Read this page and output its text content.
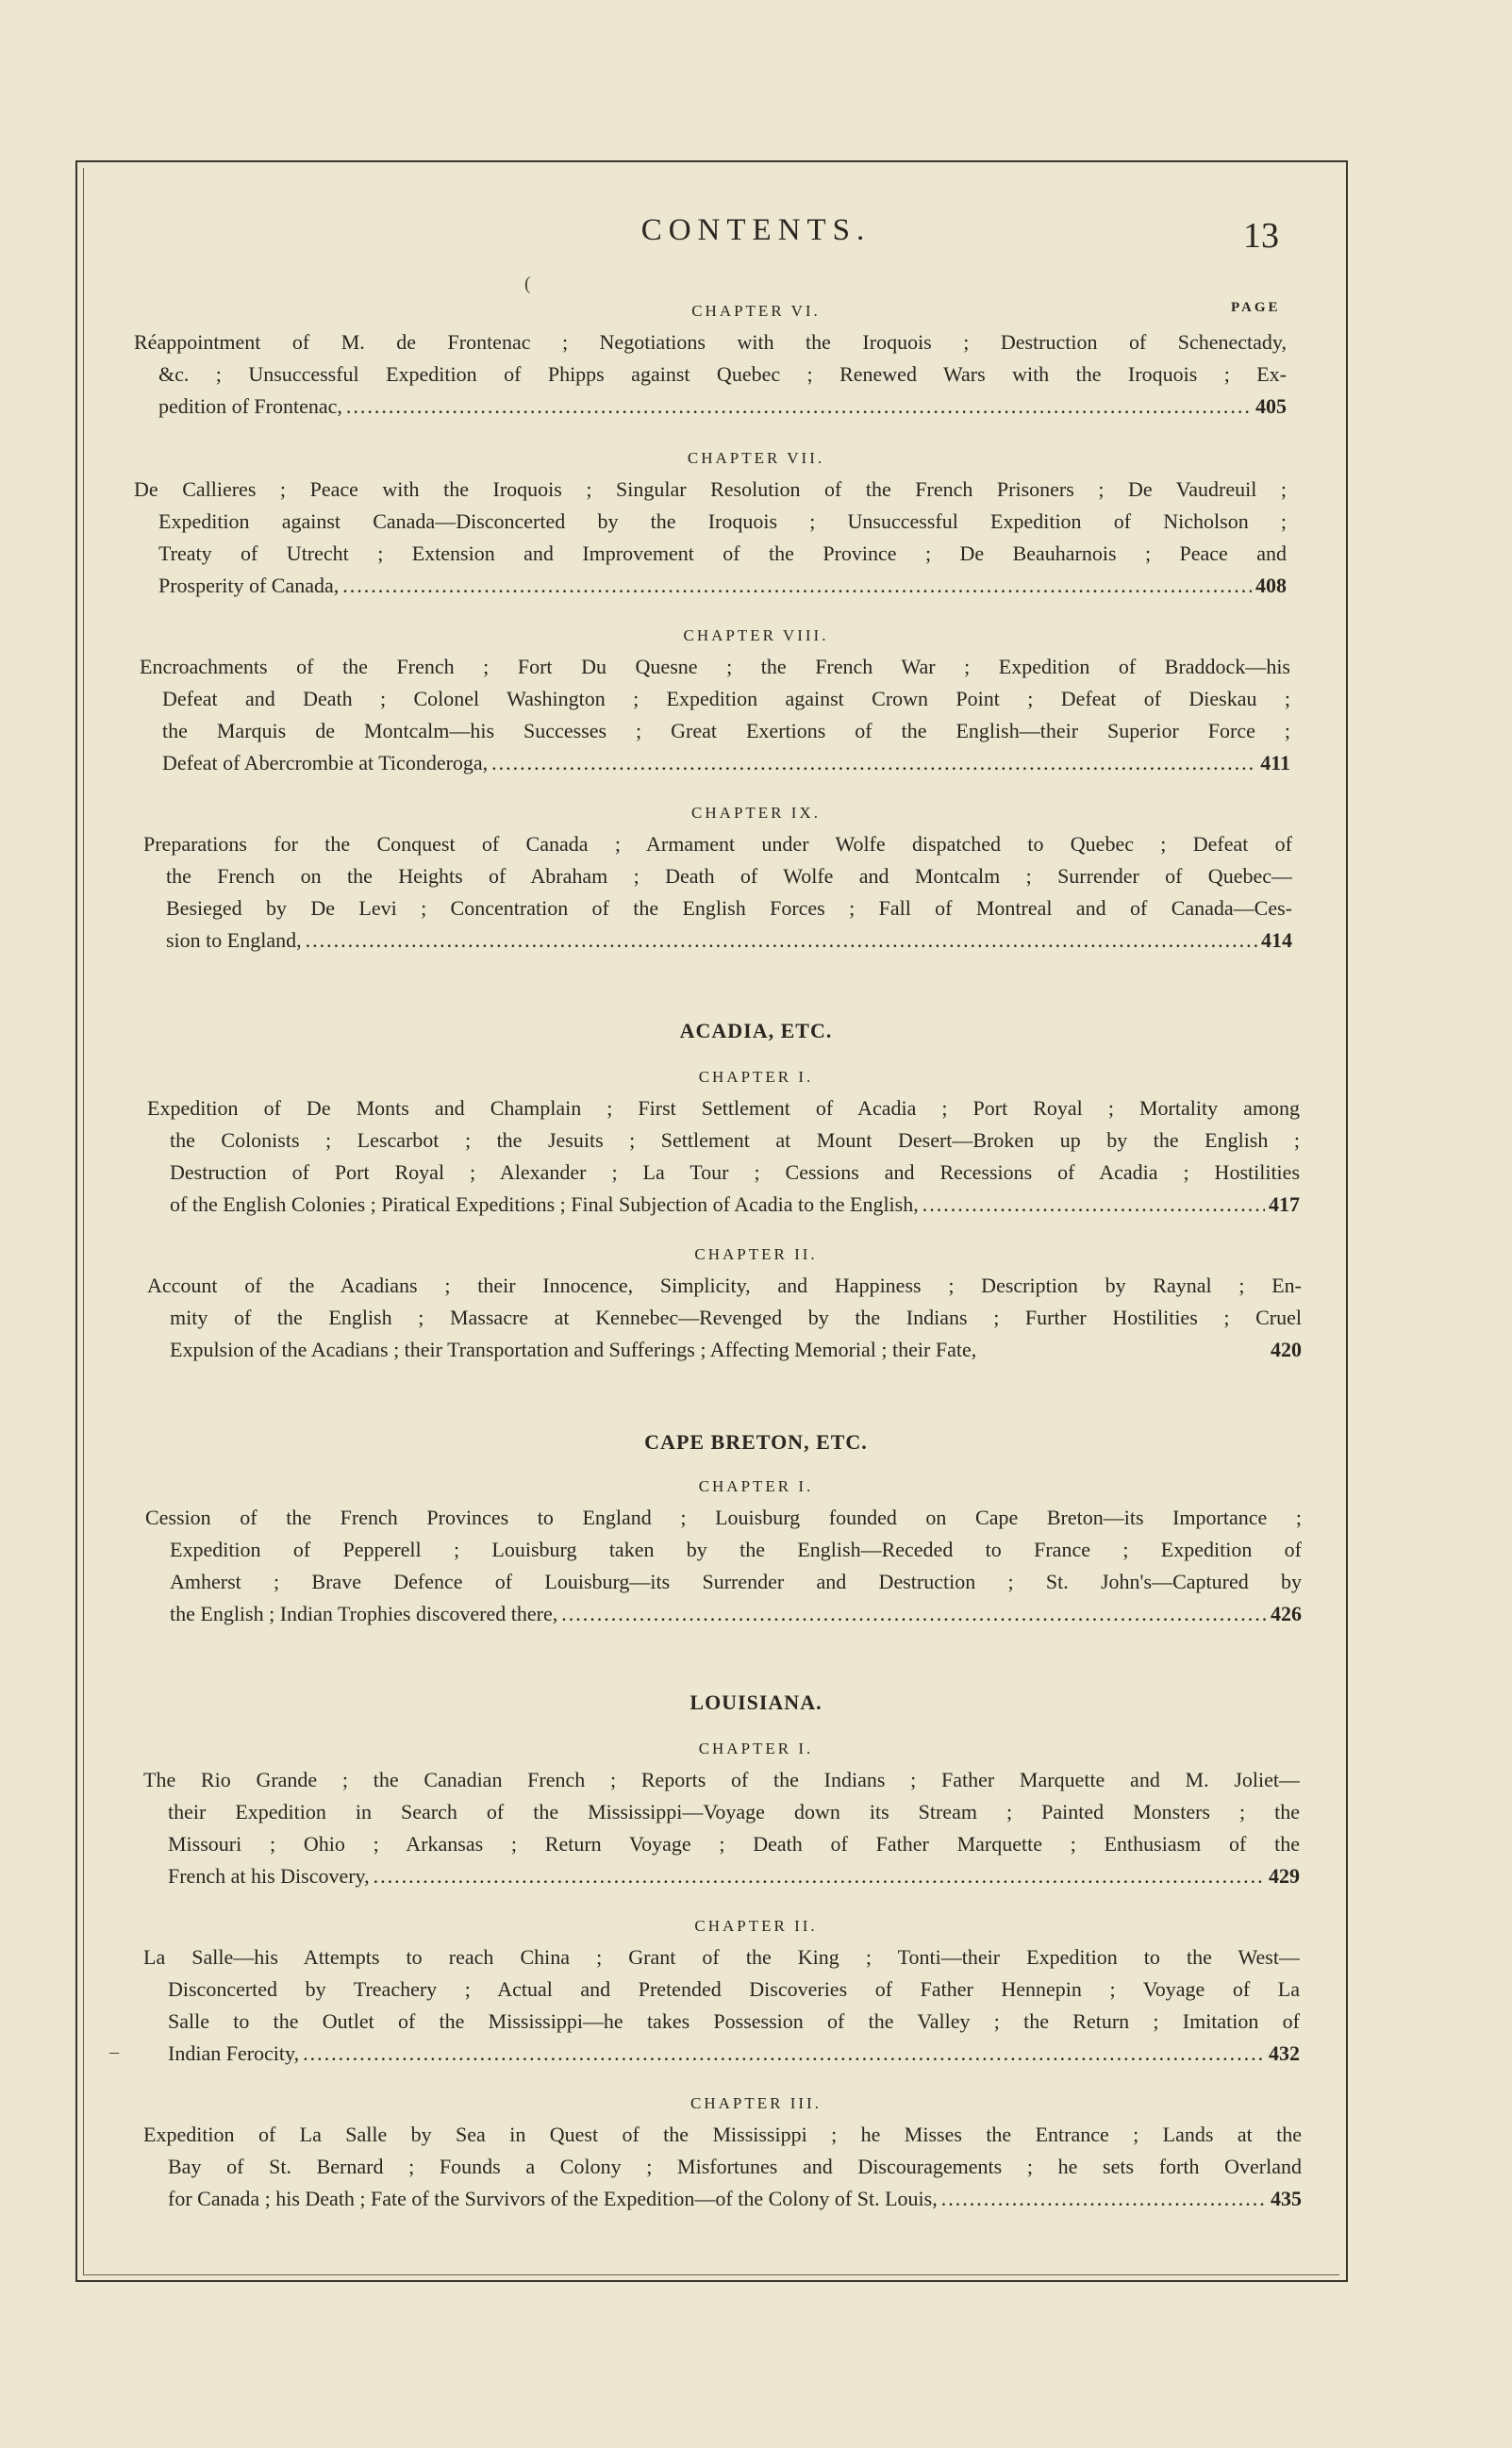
CONTENTS.	13
(
CHAPTER VI.	PAGE
Réappointment of M. de Frontenac ; Negotiations with the Iroquois ; Destruction of Schenectady,
&c. ; Unsuccessful Expedition of Phipps against Quebec ; Renewed Wars with the Iroquois ; Ex-
pedition of Frontenac, .....	405
CHAPTER VII.
De Callieres ; Peace with the Iroquois ; Singular Resolution of the French Prisoners ; De Vaudreuil ;
Expedition against Canada—Disconcerted by the Iroquois ; Unsuccessful Expedition of Nicholson ;
Treaty of Utrecht ; Extension and Improvement of the Province ; De Beauharnois ; Peace and
Prosperity of Canada, .....	408
CHAPTER VIII.
Encroachments of the French ; Fort Du Quesne ; the French War ; Expedition of Braddock—his
Defeat and Death ; Colonel Washington ; Expedition against Crown Point ; Defeat of Dieskau ;
the Marquis de Montcalm—his Successes ; Great Exertions of the English—their Superior Force ;
Defeat of Abercrombie at Ticonderoga, .....	411
CHAPTER IX.
Preparations for the Conquest of Canada ; Armament under Wolfe dispatched to Quebec ; Defeat of
the French on the Heights of Abraham ; Death of Wolfe and Montcalm ; Surrender of Quebec—
Besieged by De Levi ; Concentration of the English Forces ; Fall of Montreal and of Canada—Ces-
sion to England, .....	414
ACADIA, ETC.
CHAPTER I.
Expedition of De Monts and Champlain ; First Settlement of Acadia ; Port Royal ; Mortality among
the Colonists ; Lescarbot ; the Jesuits ; Settlement at Mount Desert—Broken up by the English ;
Destruction of Port Royal ; Alexander ; La Tour ; Cessions and Recessions of Acadia ; Hostilities
of the English Colonies ; Piratical Expeditions ; Final Subjection of Acadia to the English, .....	417
CHAPTER II.
Account of the Acadians ; their Innocence, Simplicity, and Happiness ; Description by Raynal ; En-
mity of the English ; Massacre at Kennebec—Revenged by the Indians ; Further Hostilities ; Cruel
Expulsion of the Acadians ; their Transportation and Sufferings ; Affecting Memorial ; their Fate,	420
CAPE BRETON, ETC.
CHAPTER I.
Cession of the French Provinces to England ; Louisburg founded on Cape Breton—its Importance ;
Expedition of Pepperell ; Louisburg taken by the English—Receded to France ; Expedition of
Amherst ; Brave Defence of Louisburg—its Surrender and Destruction ; St. John's—Captured by
the English ; Indian Trophies discovered there, .....	426
LOUISIANA.
CHAPTER I.
The Rio Grande ; the Canadian French ; Reports of the Indians ; Father Marquette and M. Joliet—
their Expedition in Search of the Mississippi—Voyage down its Stream ; Painted Monsters ; the
Missouri ; Ohio ; Arkansas ; Return Voyage ; Death of Father Marquette ; Enthusiasm of the
French at his Discovery, .....	429
CHAPTER II.
La Salle—his Attempts to reach China ; Grant of the King ; Tonti—their Expedition to the West—
Disconcerted by Treachery ; Actual and Pretended Discoveries of Father Hennepin ; Voyage of La
Salle to the Outlet of the Mississippi—he takes Possession of the Valley ; the Return ; Imitation of
– Indian Ferocity, .....	432
CHAPTER III.
Expedition of La Salle by Sea in Quest of the Mississippi ; he Misses the Entrance ; Lands at the
Bay of St. Bernard ; Founds a Colony ; Misfortunes and Discouragements ; he sets forth Overland
for Canada ; his Death ; Fate of the Survivors of the Expedition—of the Colony of St. Louis, .....	435
